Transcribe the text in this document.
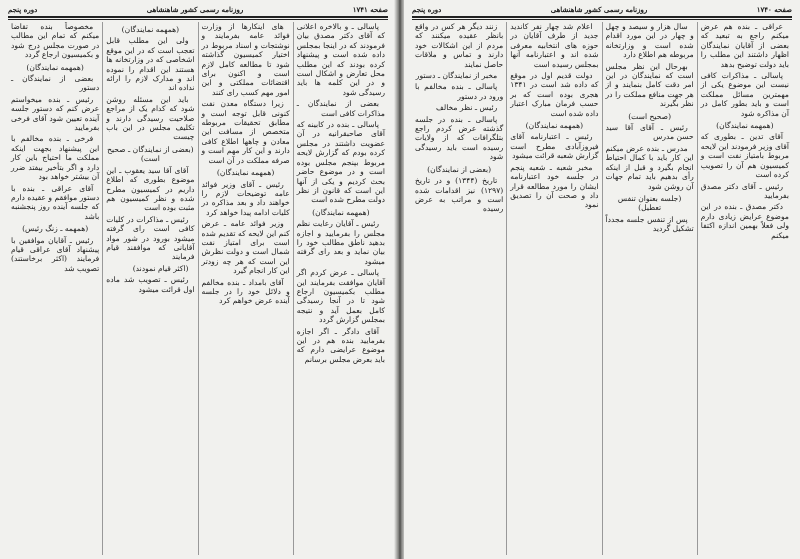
صفحه ۱۷۴۱
روزنامه رسمی کشور شاهنشاهی
دوره پنجم

پاسالی ـ و بالاخره اعلانی که آقای دکتر مصدق بیان فرمودند که در اینجا بمجلس داده شده است و پیشنهاد کرده بودند که این مطلب محل تعارض و اشکال است و در این کلمه ها باید رسیدگی شود

بعضی از نمایندگان ـ مذاکرات کافی است

پاسالی ـ بنده در کابینه که آقای صاحبقرانیه در آن عضویت داشتند در مجلس کرده بودم که گزارش لایحه مربوط بپنجم مجلس بوده است و در موضوع حاضر بحث کردیم و یکی از آنها این است که قانون از نظر دولت مطرح شده است

(همهمه نمایندگان)

رئیس ـ آقایان رعایت نظم مجلس را بفرمایید و اجازه بدهید ناطق مطالب خود را بیان نماید و بعد رای گرفته میشود

پاسالی ـ عرض کردم اگر آقایان موافقت بفرمایند این مطلب بکمیسیون ارجاع شود تا در آنجا رسیدگی کامل بعمل آید و نتیجه بمجلس گزارش گردد

آقای دادگر ـ اگر اجازه بفرمایید بنده هم در این موضوع عرایضی دارم که باید بعرض مجلس برسانم

های اینکارها از وزارت فوائد عامه بفرمایند و نوشتجات و اسناد مربوط در اختیار کمیسیون گذاشته شود تا مطالعه کامل لازم است و اکنون برای اقتضائات مملکتی و این امور مهم کسب رای کنند

زیرا دستگاه معدن نفت کنونی قابل توجه است و مطابق تحقیقات مربوطه متخصص از مسافت این معادن و چاهها اطلاع کافی دارند و این کار مهم است و صرفه مملکت در آن است

(همهمه نمایندگان)

رئیس ـ آقای وزیر فوائد عامه توضیحات لازم را خواهند داد و بعد مذاکره در کلیات ادامه پیدا خواهد کرد

وزیر فوائد عامه ـ عرض کنم این لایحه که تقدیم شده است برای امتیاز نفت شمال است و دولت نظرش این است که هر چه زودتر این کار انجام گیرد

آقای بامداد ـ بنده مخالفم و دلائل خود را در جلسه آینده عرض خواهم کرد

(همهمه نمایندگان)

ولی این مطلب قابل تعجب است که در این موقع اشخاصی که در وزارتخانه ها هستند این اقدام را نموده اند و مدارک لازم را ارائه نداده اند

باید این مسئله روشن شود که کدام یک از مراجع صلاحیت رسیدگی دارند و تکلیف مجلس در این باب چیست

(بعضی از نمایندگان ـ صحیح است)

آقای آقا سید یعقوب ـ این موضوع بطوری که اطلاع داریم در کمیسیون مطرح شده و نظر کمیسیون هم مثبت بوده است

رئیس ـ مذاکرات در کلیات کافی است رای گرفته میشود بورود در شور مواد آقایانی که موافقند قیام فرمایند

(اکثر قیام نمودند)

رئیس ـ تصویب شد ماده اول قرائت میشود

مخصوصاً بنده تقاضا میکنم که تمام این مطالب در صورت مجلس درج شود و بکمیسیون ارجاع گردد

(همهمه نمایندگان)

بعضی از نمایندگان ـ دستور

رئیس ـ بنده میخواستم عرض کنم که دستور جلسه آینده تعیین شود آقای فرخی بفرمایید

فرخی ـ بنده مخالفم با این پیشنهاد بجهت اینکه مملکت ما احتیاج باین کار دارد و اگر بتأخیر بیفتد ضرر آن بیشتر خواهد بود

آقای عراقی ـ بنده با دستور موافقم و عقیده دارم که جلسه آینده روز پنجشنبه باشد

(همهمه ـ زنگ رئیس)

رئیس ـ آقایان موافقین با پیشنهاد آقای عراقی قیام فرمایند (اکثر برخاستند) تصویب شد

صفحه ۱۷۴۰
روزنامه رسمی کشور شاهنشاهی
دوره پنجم

عراقی ـ بنده هم عرض میکنم راجع به تبعید که بعضی از آقایان نمایندگان اظهار داشتند این مطلب را باید دولت توضیح بدهد

پاسالی ـ مذاکرات کافی نیست این موضوع یکی از مهمترین مسائل مملکت است و باید بطور کامل در آن مذاکره شود

(همهمه نمایندگان)

آقای تدین ـ بطوری که آقای وزیر فرمودند این لایحه مربوط بامتیاز نفت است و کمیسیون هم آن را تصویب کرده است

رئیس ـ آقای دکتر مصدق بفرمایید

دکتر مصدق ـ بنده در این موضوع عرایض زیادی دارم ولی فعلاً بهمین اندازه اکتفا میکنم

سال هزار و سیصد و چهل و چهار در این مورد اقدام شده است و وزارتخانه مربوطه هم اطلاع دارد

بهرحال این نظر مجلس است که نمایندگان در این امر دقت کامل بنمایند و از هر جهت منافع مملکت را در نظر بگیرند

(صحیح است)

رئیس ـ آقای آقا سید حسن مدرس

مدرس ـ بنده عرض میکنم این کار باید با کمال احتیاط انجام بگیرد و قبل از اینکه رأی بدهیم باید تمام جهات آن روشن شود

(جلسه بعنوان تنفس تعطیل)

پس از تنفس جلسه مجدداً تشکیل گردید

اعلام شد چهار نفر کاندید جدید از طرف آقایان در حوزه های انتخابیه معرفی شده اند و اعتبارنامه آنها بمجلس رسیده است

دولت قدیم اول در موقع که داده شد است در ۱۳۴۱ هجری بوده است که بر حسب فرمان مبارک اعتبار داده شده است

(همهمه نمایندگان)

رئیس ـ اعتبارنامه آقای فیروزآبادی مطرح است گزارش شعبه قرائت میشود

مخبر شعبه ـ شعبه پنجم در جلسه خود اعتبارنامه ایشان را مورد مطالعه قرار داد و صحت آن را تصدیق نمود

زنند دیگر هر کس در واقع بانظر عقیده میکنند که مردم از این اشکالات خود دارند و تماس و ملاقات حاصل نمایند

مخبر از نمایندگان ـ دستور

پاسالی ـ بنده مخالفم با ورود در دستور

رئیس ـ نظر مخالف

پاسالی ـ بنده در جلسه گذشته عرض کردم راجع بتلگرافات که از ولایات رسیده است باید رسیدگی شود

(بعضی از نمایندگان)

تاریخ (۱۳۴۴) و در تاریخ (۱۲۹۷) نیز اقدامات شده است و مراتب به عرض رسیده
